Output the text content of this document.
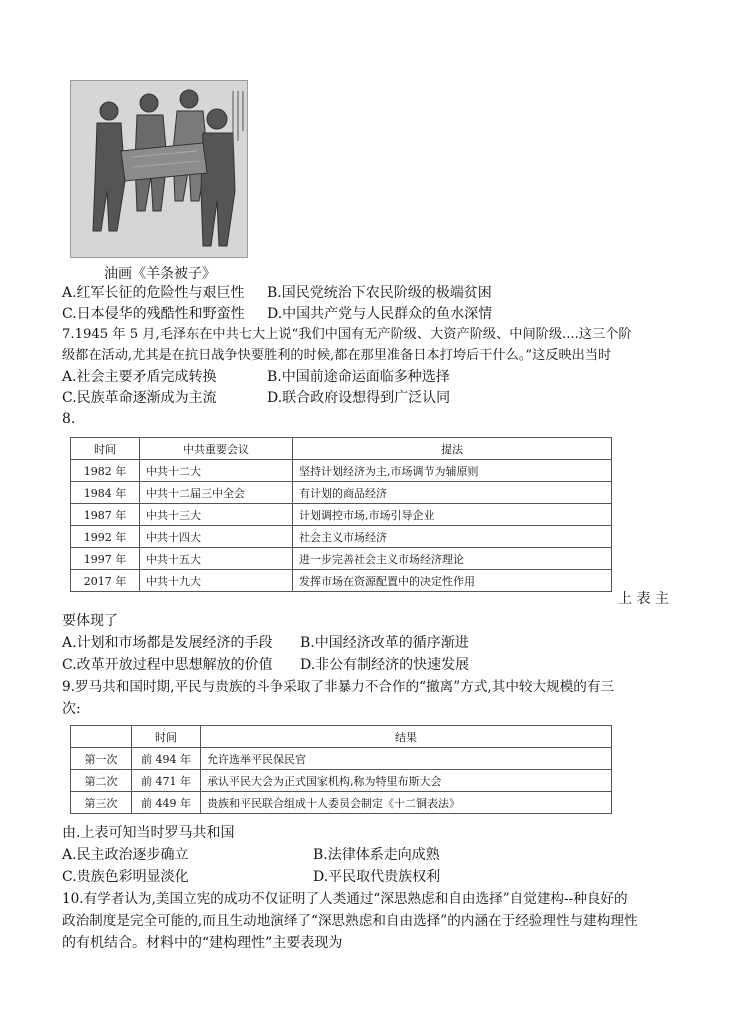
油画《羊条被子》
A.红军长征的危险性与艰巨性 B.国民党统治下农民阶级的极端贫困
C.日本侵华的残酷性和野蛮性 D.中国共产党与人民群众的鱼水深情
7.1945 年 5 月,毛泽东在中共七大上说“我们中国有无产阶级、大资产阶级、中间阶级....这三个阶
级都在活动,尤其是在抗日战争快要胜利的时候,都在那里准备日本打垮后干什么。”这反映出当时
A.社会主要矛盾完成转换	B.中国前途命运面临多种选择
C.民族革命逐渐成为主流	D.联合政府设想得到广泛认同
8.
时间	中共重要会议	提法
1982 年	中共十二大	坚持计划经济为主,市场调节为辅原则
1984 年	中共十二届三中全会	有计划的商品经济
1987 年	中共十三大	计划调控市场,市场引导企业
1992 年	中共十四大	社会主义市场经济
1997 年	中共十五大	进一步完善社会主义市场经济理论
2017 年	中共十九大	发挥市场在资源配置中的决定性作用
上 表 主
要体现了
A.计划和市场都是发展经济的手段 B.中国经济改革的循序渐进
C.改革开放过程中思想解放的价值 D.非公有制经济的快速发展
9.罗马共和国时期,平民与贵族的斗争采取了非暴力不合作的“撤离”方式,其中较大规模的有三
次:
	时间	结果
第一次	前 494 年	允许选举平民保民官
第二次	前 471 年	承认平民大会为正式国家机构,称为特里布斯大会
第三次	前 449 年	贵族和平民联合组成十人委员会制定《十二铜表法》
由.上表可知当时罗马共和国
A.民主政治逐步确立	B.法律体系走向成熟
C.贵族色彩明显淡化	D.平民取代贵族权利
10.有学者认为,美国立宪的成功不仅证明了人类通过“深思熟虑和自由选择”自觉建构--种良好的
政治制度是完全可能的,而且生动地演绎了“深思熟虑和自由选择”的内涵在于经验理性与建构理性
的有机结合。材料中的“建构理性”主要表现为
